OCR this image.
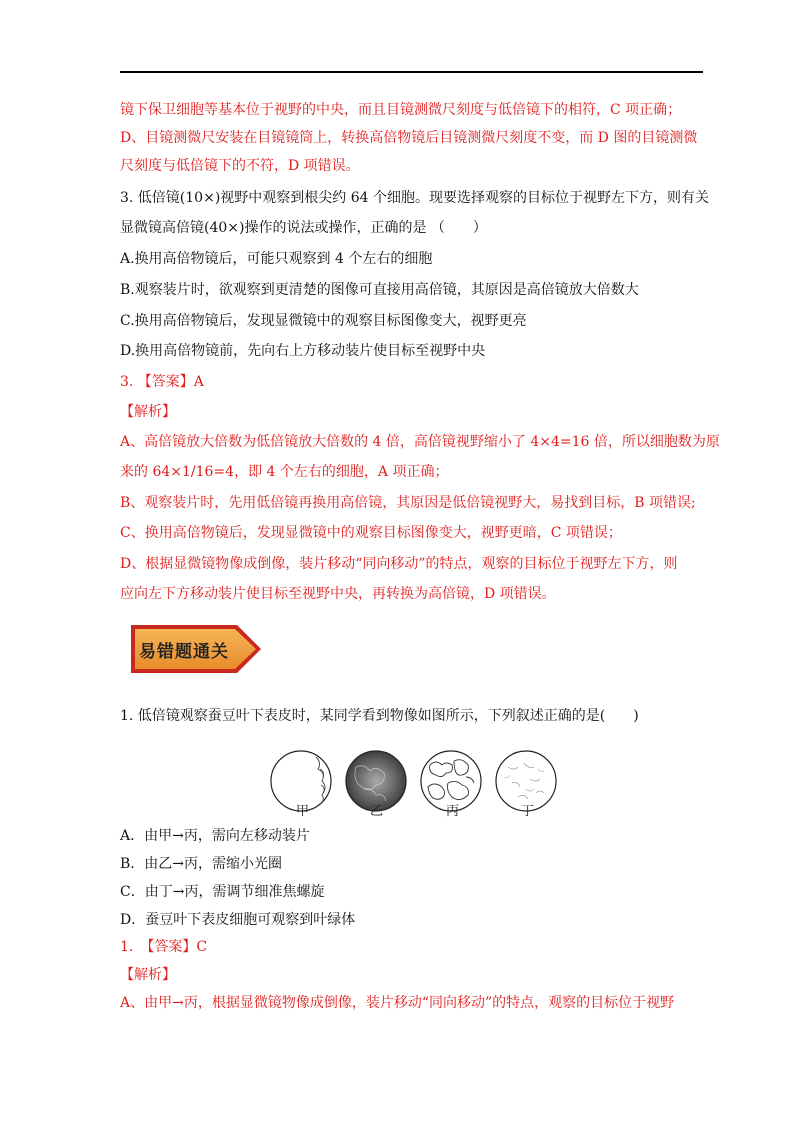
镜下保卫细胞等基本位于视野的中央，而且目镜测微尺刻度与低倍镜下的相符，C 项正确；
D、目镜测微尺安装在目镜镜筒上，转换高倍物镜后目镜测微尺刻度不变，而 D 图的目镜测微
尺刻度与低倍镜下的不符，D 项错误。
3. 低倍镜(10×)视野中观察到根尖约 64 个细胞。现要选择观察的目标位于视野左下方，则有关
显微镜高倍镜(40×)操作的说法或操作，正确的是 （　　）
A.换用高倍物镜后，可能只观察到 4 个左右的细胞
B.观察装片时，欲观察到更清楚的图像可直接用高倍镜，其原因是高倍镜放大倍数大
C.换用高倍物镜后，发现显微镜中的观察目标图像变大，视野更亮
D.换用高倍物镜前，先向右上方移动装片使目标至视野中央
3. 【答案】A
【解析】
A、高倍镜放大倍数为低倍镜放大倍数的 4 倍，高倍镜视野缩小了 4×4=16 倍，所以细胞数为原
来的 64×1/16=4，即 4 个左右的细胞，A 项正确；
B、观察装片时，先用低倍镜再换用高倍镜，其原因是低倍镜视野大，易找到目标，B 项错误;
C、换用高倍物镜后，发现显微镜中的观察目标图像变大，视野更暗，C 项错误；
D、根据显微镜物像成倒像，装片移动“同向移动”的特点，观察的目标位于视野左下方，则
应向左下方移动装片使目标至视野中央，再转换为高倍镜，D 项错误。
易错题通关
1. 低倍镜观察蚕豆叶下表皮时，某同学看到物像如图所示，下列叙述正确的是(　　)
甲	乙	丙	丁
A．由甲→丙，需向左移动装片
B．由乙→丙，需缩小光圈
C．由丁→丙，需调节细准焦螺旋
D．蚕豆叶下表皮细胞可观察到叶绿体
1.　【答案】C
【解析】
A、由甲→丙，根据显微镜物像成倒像，装片移动“同向移动”的特点，观察的目标位于视野
